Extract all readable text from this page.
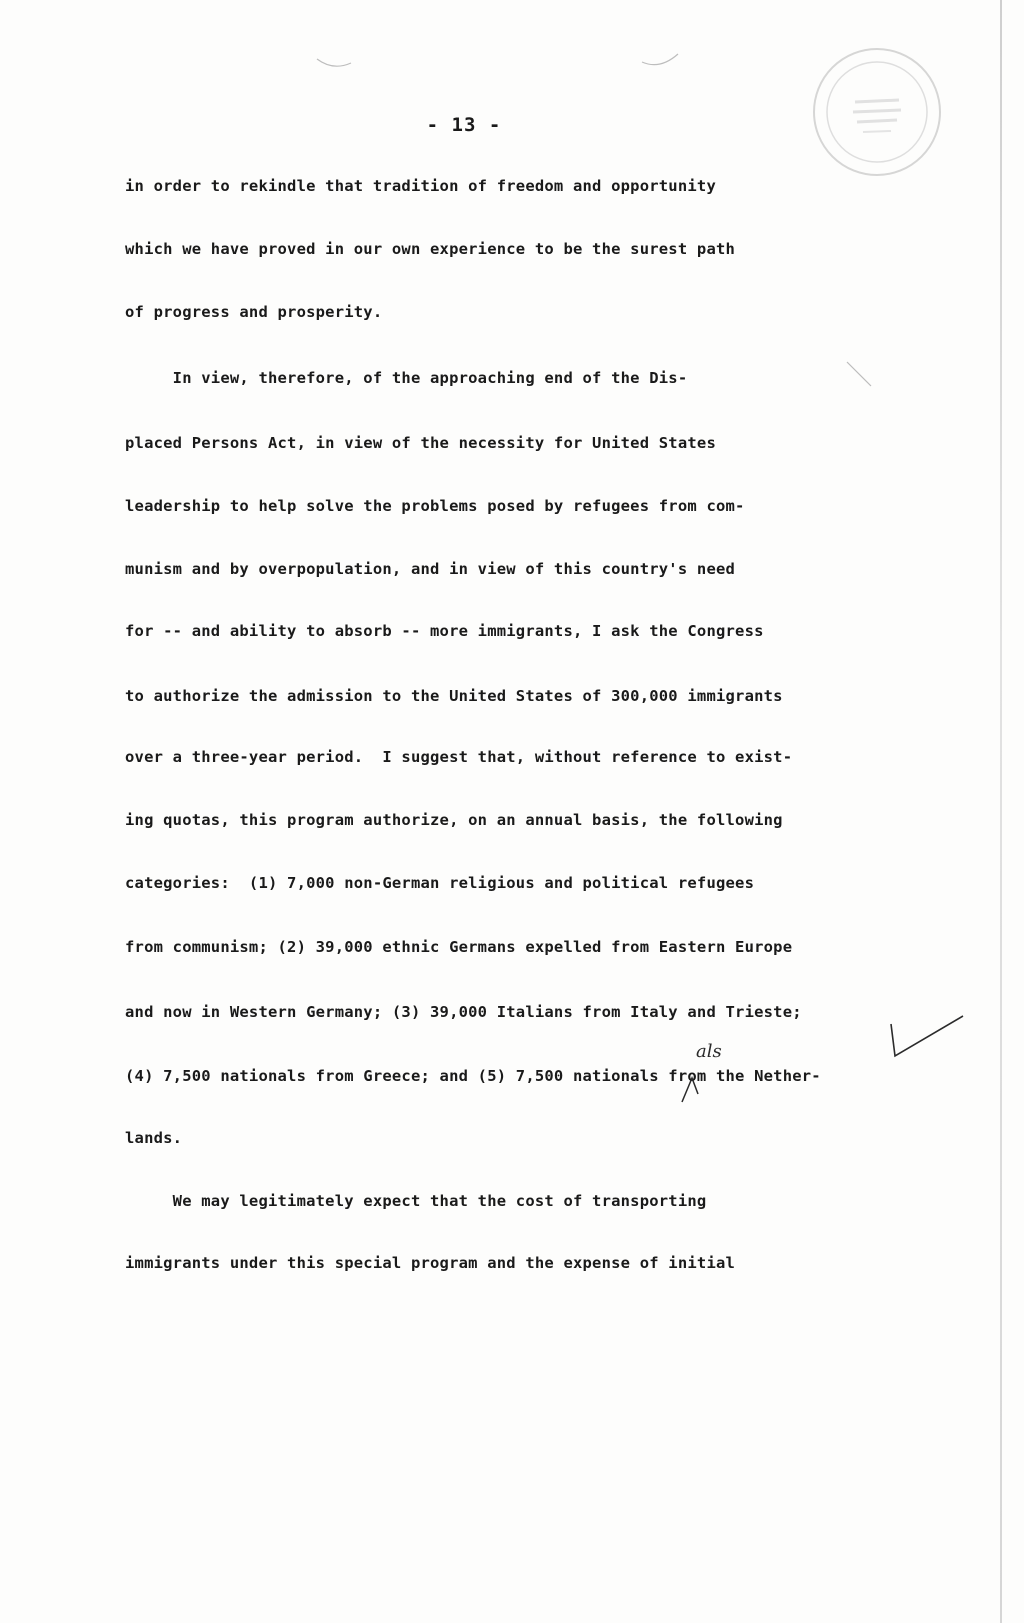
- 13 -
in order to rekindle that tradition of freedom and opportunity
which we have proved in our own experience to be the surest path
of progress and prosperity.
In view, therefore, of the approaching end of the Dis-
placed Persons Act, in view of the necessity for United States
leadership to help solve the problems posed by refugees from com-
munism and by overpopulation, and in view of this country's need
for -- and ability to absorb -- more immigrants, I ask the Congress
to authorize the admission to the United States of 300,000 immigrants
over a three-year period.  I suggest that, without reference to exist-
ing quotas, this program authorize, on an annual basis, the following
categories:  (1) 7,000 non-German religious and political refugees
from communism; (2) 39,000 ethnic Germans expelled from Eastern Europe
and now in Western Germany; (3) 39,000 Italians from Italy and Trieste;
(4) 7,500 nationals from Greece; and (5) 7,500 nationals from the Nether-
lands.
We may legitimately expect that the cost of transporting
immigrants under this special program and the expense of initial
als
